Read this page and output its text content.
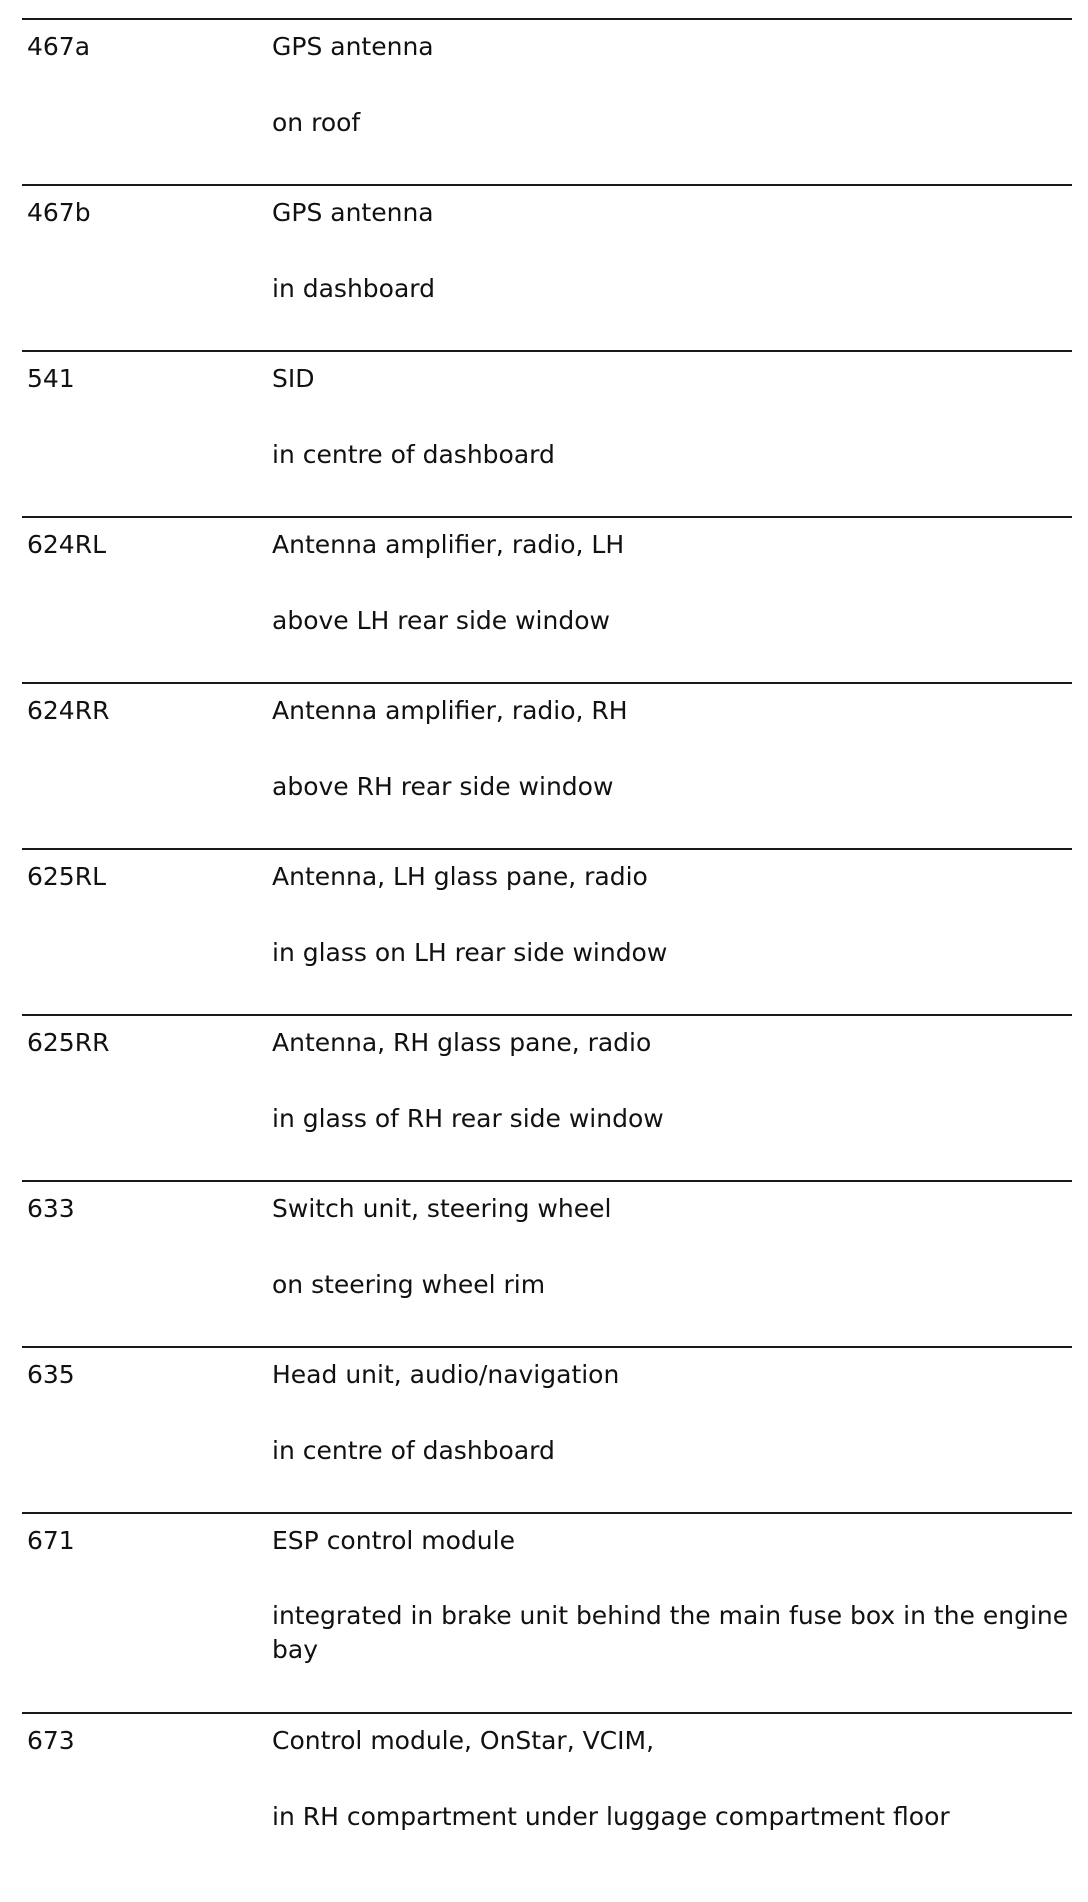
467a	GPS antenna
on roof
467b	GPS antenna
in dashboard
541	SID
in centre of dashboard
624RL	Antenna amplifier, radio, LH
above LH rear side window
624RR	Antenna amplifier, radio, RH
above RH rear side window
625RL	Antenna, LH glass pane, radio
in glass on LH rear side window
625RR	Antenna, RH glass pane, radio
in glass of RH rear side window
633	Switch unit, steering wheel
on steering wheel rim
635	Head unit, audio/navigation
in centre of dashboard
671	ESP control module
integrated in brake unit behind the main fuse box in the engine bay
673	Control module, OnStar, VCIM,
in RH compartment under luggage compartment floor
